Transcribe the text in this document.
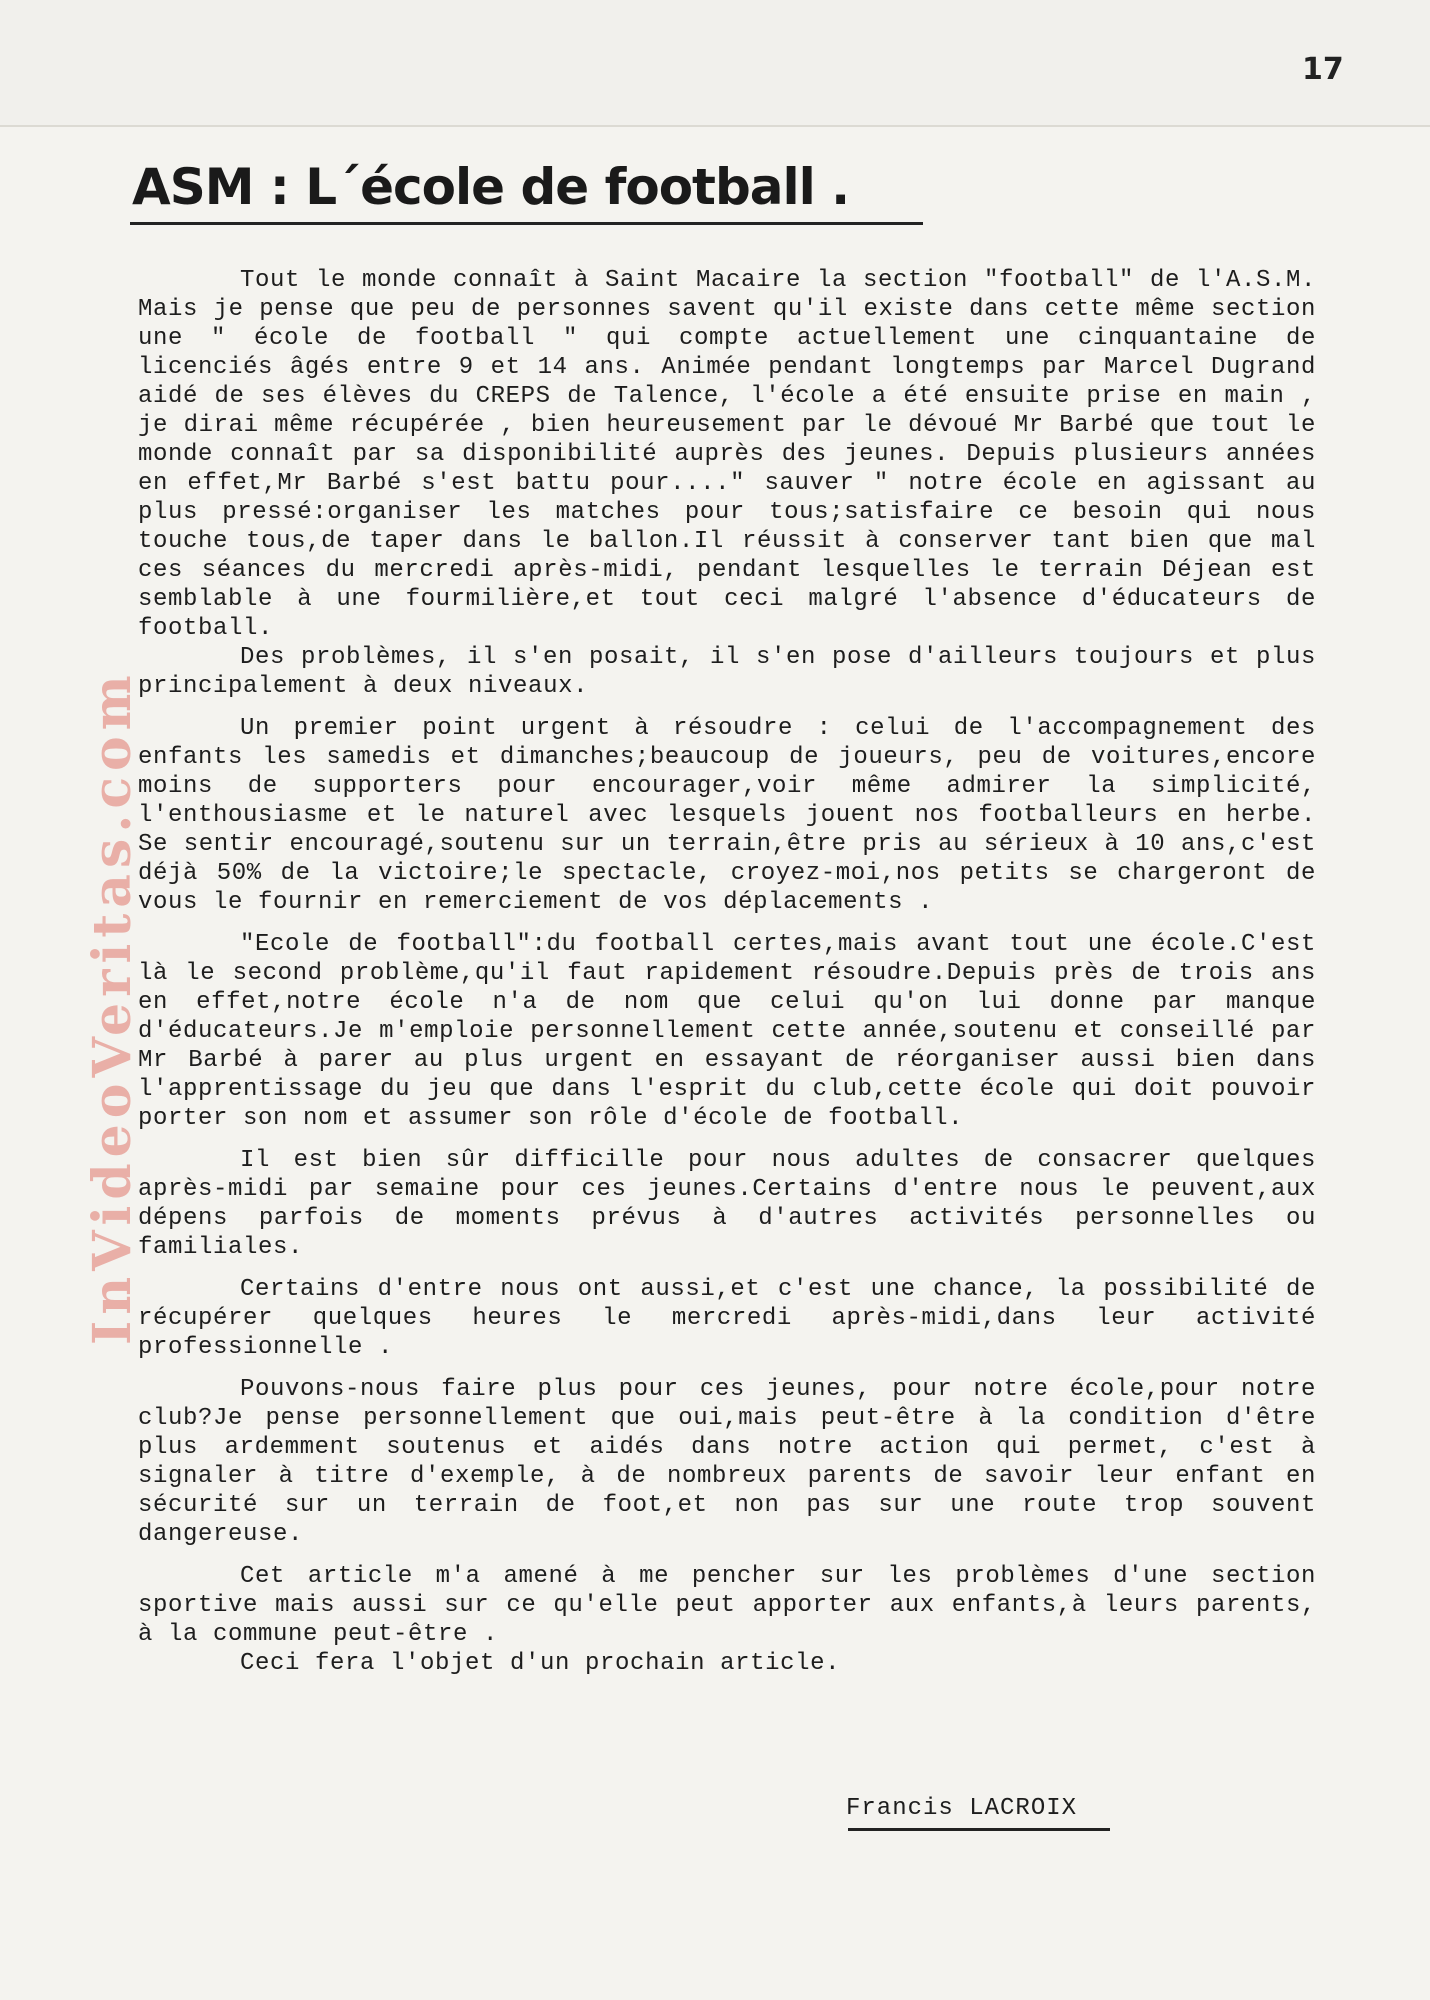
17
ASM : L´école de football .
InVideoVeritas.com

Tout le monde connaît à Saint Macaire la section "football" de l'A.S.M. Mais je pense que peu de personnes savent qu'il existe dans cette même section une " école de football " qui compte actuellement une cinquantaine de licenciés âgés entre 9 et 14 ans. Animée pendant longtemps par Marcel Dugrand aidé de ses élèves du CREPS de Talence, l'école a été ensuite prise en main , je dirai même récupérée , bien heureusement par le dévoué Mr Barbé que tout le monde connaît par sa disponibilité auprès des jeunes. Depuis plusieurs années en effet,Mr Barbé s'est battu pour...." sauver " notre école en agissant au plus pressé:organiser les matches pour tous;satisfaire ce besoin qui nous touche tous,de taper dans le ballon.Il réussit à conserver tant bien que mal ces séances du mercredi après-midi, pendant lesquelles le terrain Déjean est semblable à une fourmilière,et tout ceci malgré l'absence d'éducateurs de football.

Des problèmes, il s'en posait, il s'en pose d'ailleurs toujours et plus principalement à deux niveaux.

Un premier point urgent à résoudre : celui de l'accompagnement des enfants les samedis et dimanches;beaucoup de joueurs, peu de voitures,encore moins de supporters pour encourager,voir même admirer la simplicité, l'enthousiasme et le naturel avec lesquels jouent nos footballeurs en herbe. Se sentir encouragé,soutenu sur un terrain,être pris au sérieux à 10 ans,c'est déjà 50% de la victoire;le spectacle, croyez-moi,nos petits se chargeront de vous le fournir en remerciement de vos déplacements .

"Ecole de football":du football certes,mais avant tout une école.C'est là le second problème,qu'il faut rapidement résoudre.Depuis près de trois ans en effet,notre école n'a de nom que celui qu'on lui donne par manque d'éducateurs.Je m'emploie personnellement cette année,soutenu et conseillé par Mr Barbé à parer au plus urgent en essayant de réorganiser aussi bien dans l'apprentissage du jeu que dans l'esprit du club,cette école qui doit pouvoir porter son nom et assumer son rôle d'école de football.

Il est bien sûr difficille pour nous adultes de consacrer quelques après-midi par semaine pour ces jeunes.Certains d'entre nous le peuvent,aux dépens parfois de moments prévus à d'autres activités personnelles ou familiales.

Certains d'entre nous ont aussi,et c'est une chance, la possibilité de récupérer quelques heures le mercredi après-midi,dans leur activité professionnelle .

Pouvons-nous faire plus pour ces jeunes, pour notre école,pour notre club?Je pense personnellement que oui,mais peut-être à la condition d'être plus ardemment soutenus et aidés dans notre action qui permet, c'est à signaler à titre d'exemple, à de nombreux parents de savoir leur enfant en sécurité sur un terrain de foot,et non pas sur une route trop souvent dangereuse.

Cet article m'a amené à me pencher sur les problèmes d'une section sportive mais aussi sur ce qu'elle peut apporter aux enfants,à leurs parents, à la commune peut-être .

Ceci fera l'objet d'un prochain article.

Francis LACROIX
